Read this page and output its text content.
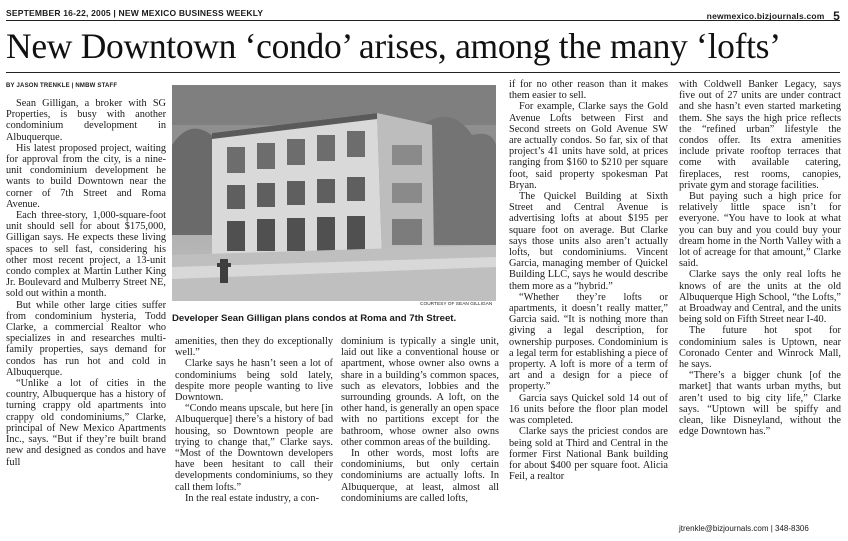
SEPTEMBER 16-22, 2005 | NEW MEXICO BUSINESS WEEKLY	newmexico.bizjournals.com 5
New Downtown ‘condo’ arises, among the many ‘lofts’
BY JASON TRENKLE | NMBW STAFF

Sean Gilligan, a broker with SG Properties, is busy with another condominium development in Albuquerque.

His latest proposed project, waiting for approval from the city, is a nine-unit condominium development he wants to build Downtown near the corner of 7th Street and Roma Avenue.

Each three-story, 1,000-square-foot unit should sell for about $175,000, Gilligan says. He expects these living spaces to sell fast, considering his other most recent project, a 13-unit condo complex at Martin Luther King Jr. Boulevard and Mulberry Street NE, sold out within a month.

But while other large cities suffer from condominium hysteria, Todd Clarke, a commercial Realtor who specializes in and researches multi-family properties, says demand for condos has run hot and cold in Albuquerque.

“Unlike a lot of cities in the country, Albuquerque has a history of turning crappy old apartments into crappy old condominiums,” Clarke, principal of New Mexico Apartments Inc., says. “But if they’re built brand new and designed as condos and have full

COURTESY OF SEAN GILLIGAN
Developer Sean Gilligan plans condos at Roma and 7th Street.

amenities, then they do exceptionally well.”

Clarke says he hasn’t seen a lot of condominiums being sold lately, despite more people wanting to live Downtown.

“Condo means upscale, but here [in Albuquerque] there’s a history of bad housing, so Downtown people are trying to change that,” Clarke says. “Most of the Downtown developers have been hesitant to call their developments condominiums, so they call them lofts.”

In the real estate industry, a con-

dominium is typically a single unit, laid out like a conventional house or apartment, whose owner also owns a share in a building’s common spaces, such as elevators, lobbies and the surrounding grounds. A loft, on the other hand, is generally an open space with no partitions except for the bathroom, whose owner also owns other common areas of the building.

In other words, most lofts are condominiums, but only certain condominiums are actually lofts. In Albuquerque, at least, almost all condominiums are called lofts,

if for no other reason than it makes them easier to sell.

For example, Clarke says the Gold Avenue Lofts between First and Second streets on Gold Avenue SW are actually condos. So far, six of that project’s 41 units have sold, at prices ranging from $160 to $210 per square foot, said property spokesman Pat Bryan.

The Quickel Building at Sixth Street and Central Avenue is advertising lofts at about $195 per square foot on average. But Clarke says those units also aren’t actually lofts, but condominiums. Vincent Garcia, managing member of Quickel Building LLC, says he would describe them more as a “hybrid.”

“Whether they’re lofts or apartments, it doesn’t really matter,” Garcia said. “It is nothing more than giving a legal description, for ownership purposes. Condominium is a legal term for establishing a piece of property. A loft is more of a term of art and a design for a piece of property.”

Garcia says Quickel sold 14 out of 16 units before the floor plan model was completed.

Clarke says the priciest condos are being sold at Third and Central in the former First National Bank building for about $400 per square foot. Alicia Feil, a realtor

with Coldwell Banker Legacy, says five out of 27 units are under contract and she hasn’t even started marketing them. She says the high price reflects the “refined urban” lifestyle the condos offer. Its extra amenities include private rooftop terraces that come with available catering, fireplaces, rest rooms, canopies, private gym and storage facilities.

But paying such a high price for relatively little space isn’t for everyone. “You have to look at what you can buy and you could buy your dream home in the North Valley with a lot of acreage for that amount,” Clarke said.

Clarke says the only real lofts he knows of are the units at the old Albuquerque High School, “the Lofts,” at Broadway and Central, and the units being sold on Fifth Street near I-40.

The future hot spot for condominium sales is Uptown, near Coronado Center and Winrock Mall, he says.

“There’s a bigger chunk [of the market] that wants urban myths, but aren’t used to big city life,” Clarke says. “Uptown will be spiffy and clean, like Disneyland, without the edge Downtown has.”

jtrenkle@bizjournals.com | 348-8306
